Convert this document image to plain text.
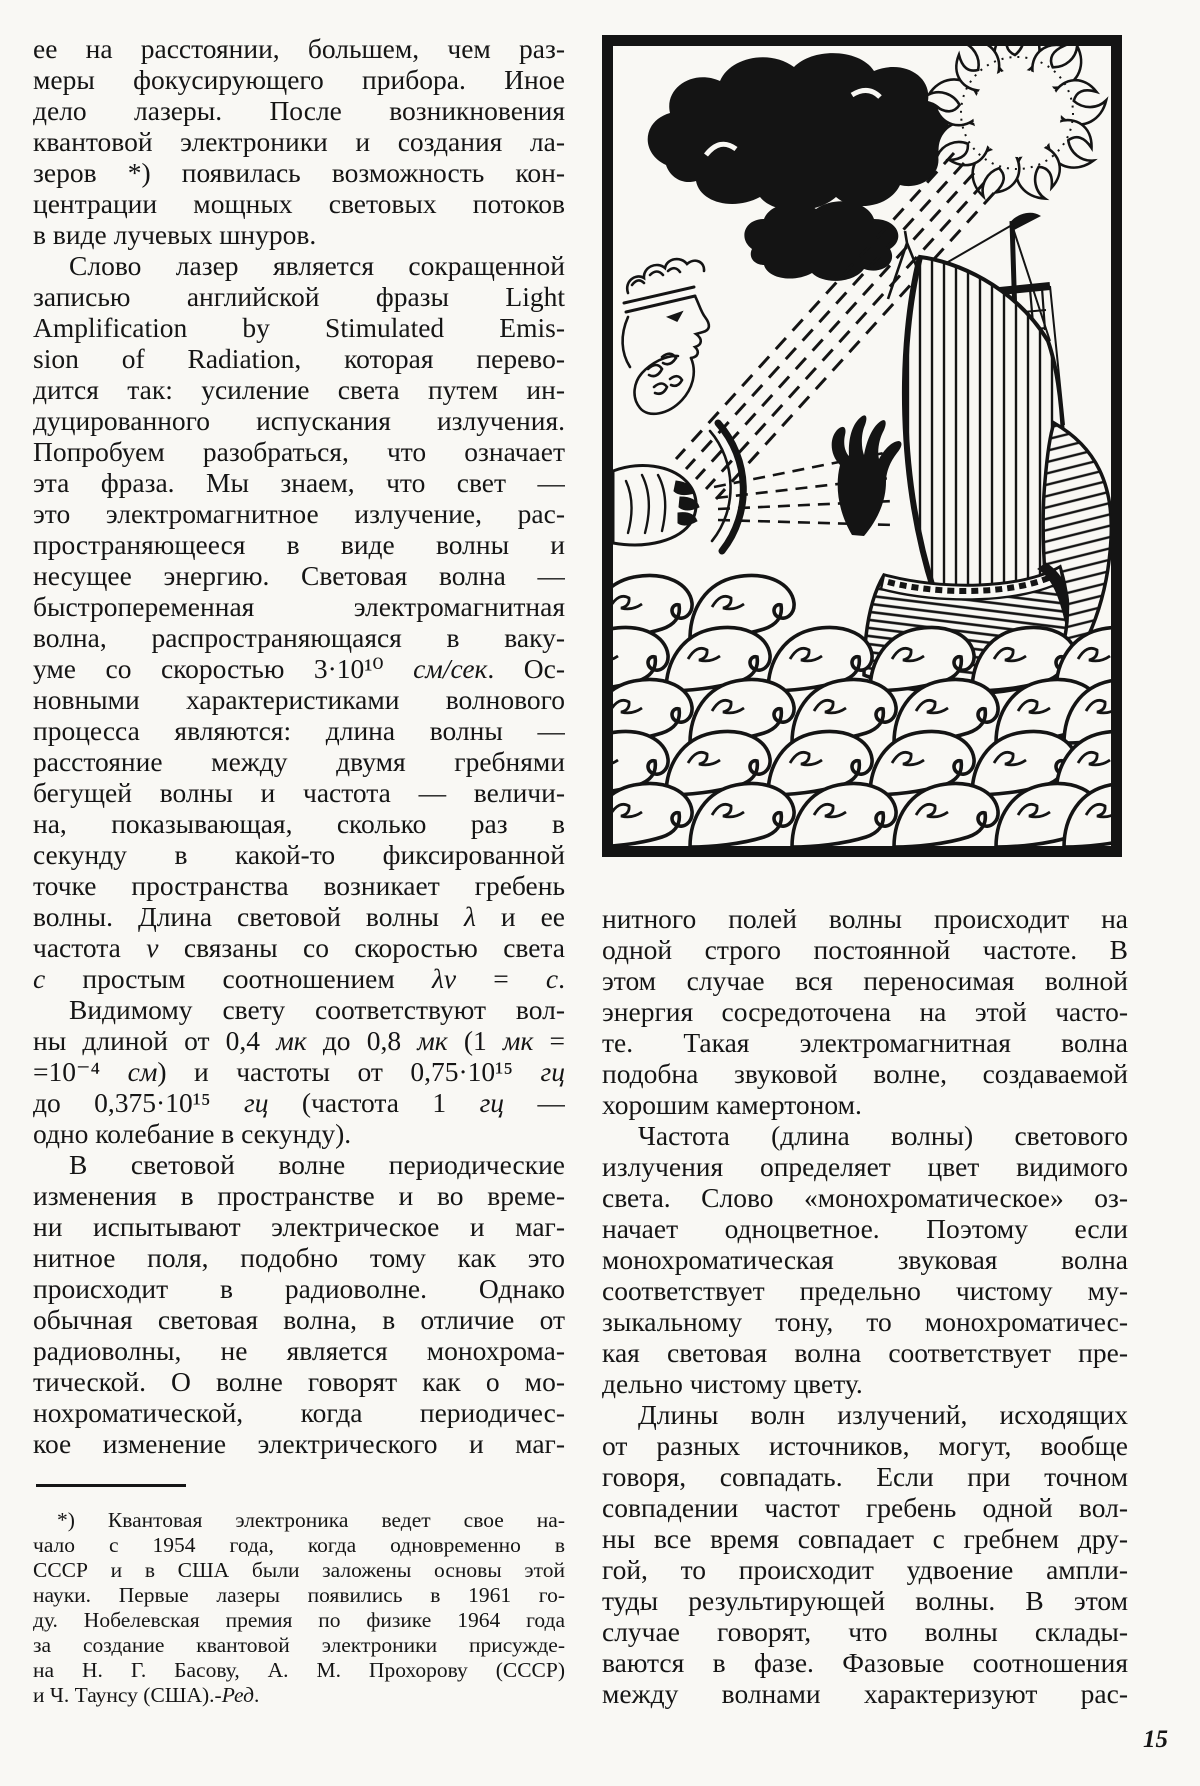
ее на расстоянии, большем, чем раз-
меры фокусирующего прибора. Иное
дело лазеры. После возникновения
квантовой электроники и создания ла-
зеров *) появилась возможность кон-
центрации мощных световых потоков
в виде лучевых шнуров.
Слово лазер является сокращенной
записью английской фразы Light
Amplification by Stimulated Emis-
sion of Radiation, которая перево-
дится так: усиление света путем ин-
дуцированного испускания излучения.
Попробуем разобраться, что означает
эта фраза. Мы знаем, что свет —
это электромагнитное излучение, рас-
пространяющееся в виде волны и
несущее энергию. Световая волна —
быстропеременная электромагнитная
волна, распространяющаяся в ваку-
уме со скоростью 3·10¹⁰ см/сек. Ос-
новными характеристиками волнового
процесса являются: длина волны —
расстояние между двумя гребнями
бегущей волны и частота — величи-
на, показывающая, сколько раз в
секунду в какой-то фиксированной
точке пространства возникает гребень
волны. Длина световой волны λ и ее
частота ν связаны со скоростью света
c простым соотношением λν = c.
Видимому свету соответствуют вол-
ны длиной от 0,4 мк до 0,8 мк (1 мк =
=10⁻⁴ см) и частоты от 0,75·10¹⁵ гц
до 0,375·10¹⁵ гц (частота 1 гц —
одно колебание в секунду).
В световой волне периодические
изменения в пространстве и во време-
ни испытывают электрическое и маг-
нитное поля, подобно тому как это
происходит в радиоволне. Однако
обычная световая волна, в отличие от
радиоволны, не является монохрома-
тической. О волне говорят как о мо-
нохроматической, когда периодичес-
кое изменение электрического и маг-
нитного полей волны происходит на
одной строго постоянной частоте. В
этом случае вся переносимая волной
энергия сосредоточена на этой часто-
те. Такая электромагнитная волна
подобна звуковой волне, создаваемой
хорошим камертоном.
Частота (длина волны) светового
излучения определяет цвет видимого
света. Слово «монохроматическое» оз-
начает одноцветное. Поэтому если
монохроматическая звуковая волна
соответствует предельно чистому му-
зыкальному тону, то монохроматичес-
кая световая волна соответствует пре-
дельно чистому цвету.
Длины волн излучений, исходящих
от разных источников, могут, вообще
говоря, совпадать. Если при точном
совпадении частот гребень одной вол-
ны все время совпадает с гребнем дру-
гой, то происходит удвоение ампли-
туды результирующей волны. В этом
случае говорят, что волны склады-
ваются в фазе. Фазовые соотношения
между волнами характеризуют рас-
*) Квантовая электроника ведет свое на-
чало с 1954 года, когда одновременно в
СССР и в США были заложены основы этой
науки. Первые лазеры появились в 1961 го-
ду. Нобелевская премия по физике 1964 года
за создание квантовой электроники присужде-
на Н. Г. Басову, А. М. Прохорову (СССР)
и Ч. Таунсу (США).-Ред.
15
